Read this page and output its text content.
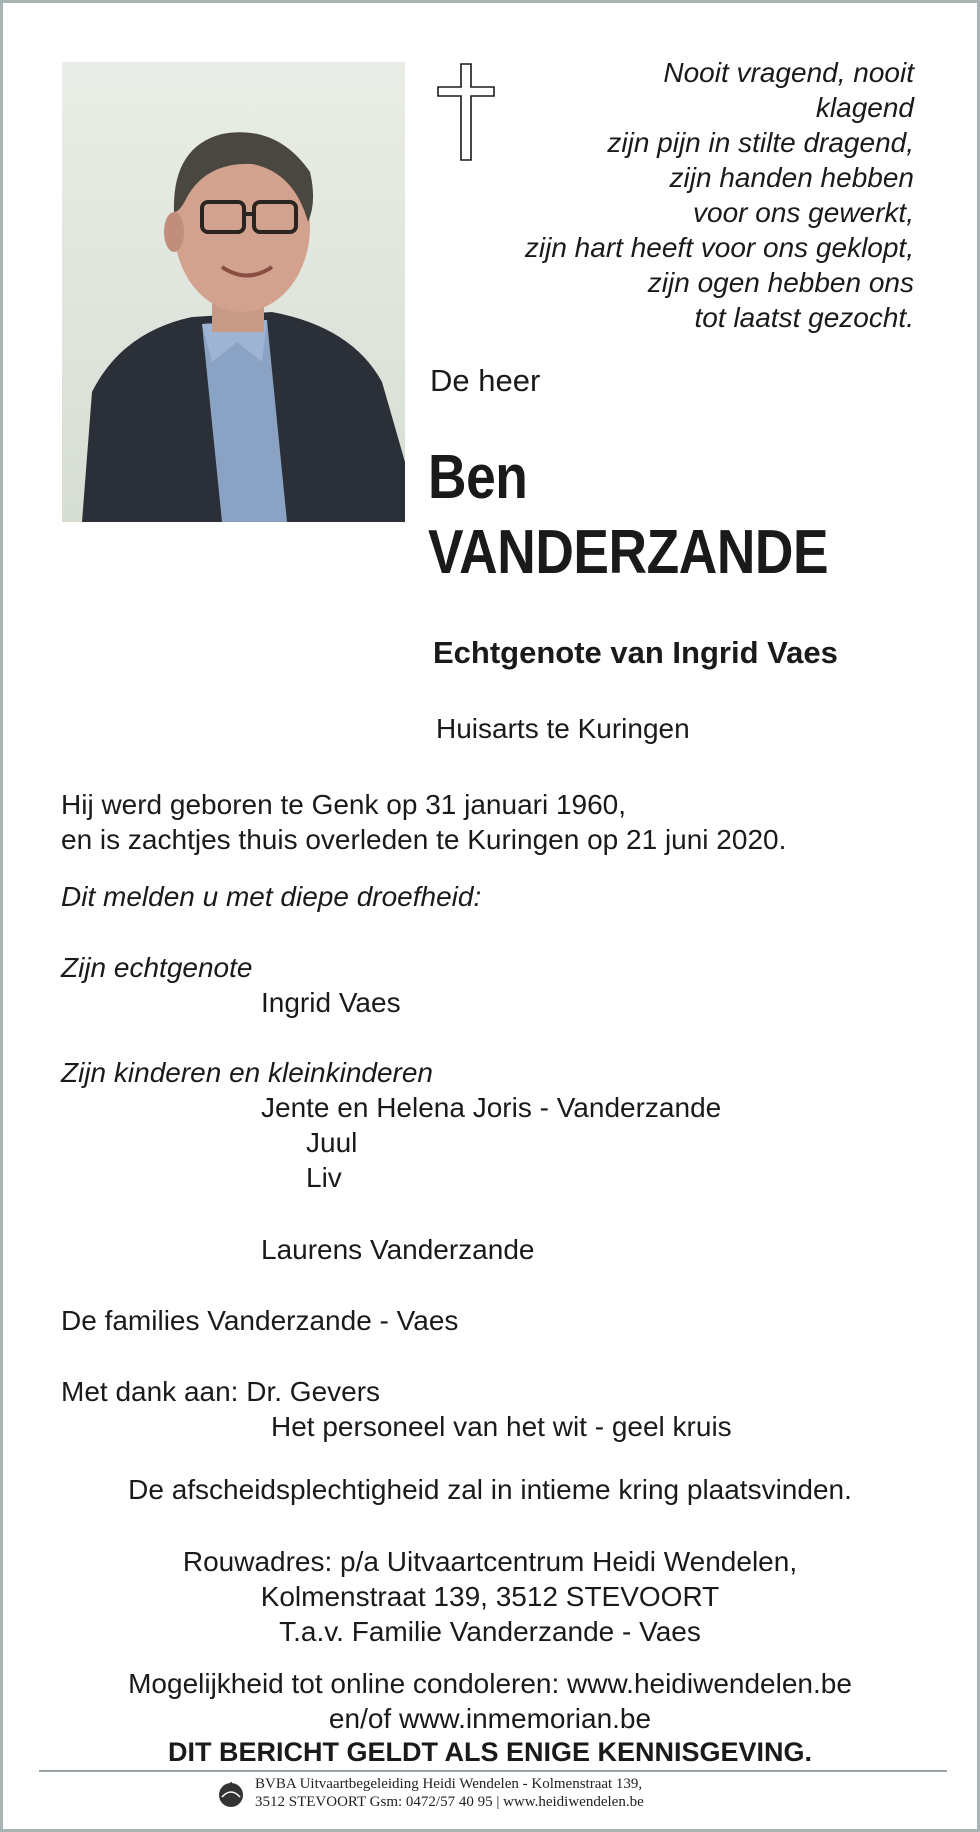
Nooit vragend, nooit
klagend
zijn pijn in stilte dragend,
zijn handen hebben
voor ons gewerkt,
zijn hart heeft voor ons geklopt,
zijn ogen hebben ons
tot laatst gezocht.
De heer
Ben
VANDERZANDE
Echtgenote van Ingrid Vaes
Huisarts te Kuringen
Hij werd geboren te Genk op 31 januari 1960,
en is zachtjes thuis overleden te Kuringen op 21 juni 2020.
Dit melden u met diepe droefheid:
Zijn echtgenote
Ingrid Vaes
Zijn kinderen en kleinkinderen
Jente en Helena Joris - Vanderzande
Juul
Liv
Laurens Vanderzande
De families Vanderzande - Vaes
Met dank aan: Dr. Gevers
Het personeel van het wit - geel kruis
De afscheidsplechtigheid zal in intieme kring plaatsvinden.
Rouwadres: p/a Uitvaartcentrum Heidi Wendelen,
Kolmenstraat 139, 3512 STEVOORT
T.a.v. Familie Vanderzande - Vaes
Mogelijkheid tot online condoleren: www.heidiwendelen.be
en/of www.inmemorian.be
DIT BERICHT GELDT ALS ENIGE KENNISGEVING.
BVBA Uitvaartbegeleiding Heidi Wendelen - Kolmenstraat 139,
3512 STEVOORT Gsm: 0472/57 40 95 | www.heidiwendelen.be
